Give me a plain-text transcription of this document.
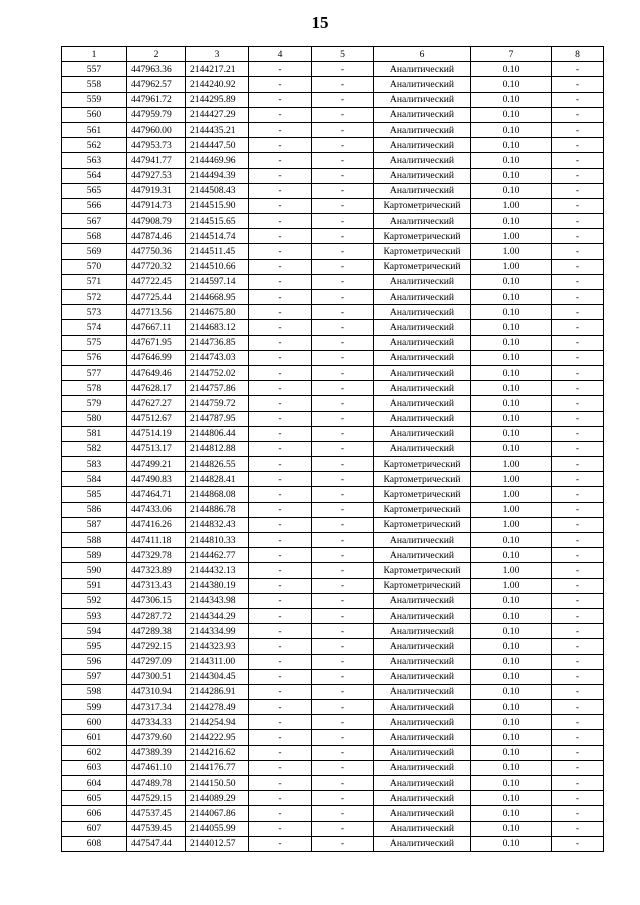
15
1	2	3	4	5	6	7	8
557	447963.36	2144217.21	-	-	Аналитический	0.10	-
558	447962.57	2144240.92	-	-	Аналитический	0.10	-
559	447961.72	2144295.89	-	-	Аналитический	0.10	-
560	447959.79	2144427.29	-	-	Аналитический	0.10	-
561	447960.00	2144435.21	-	-	Аналитический	0.10	-
562	447953.73	2144447.50	-	-	Аналитический	0.10	-
563	447941.77	2144469.96	-	-	Аналитический	0.10	-
564	447927.53	2144494.39	-	-	Аналитический	0.10	-
565	447919.31	2144508.43	-	-	Аналитический	0.10	-
566	447914.73	2144515.90	-	-	Картометрический	1.00	-
567	447908.79	2144515.65	-	-	Аналитический	0.10	-
568	447874.46	2144514.74	-	-	Картометрический	1.00	-
569	447750.36	2144511.45	-	-	Картометрический	1.00	-
570	447720.32	2144510.66	-	-	Картометрический	1.00	-
571	447722.45	2144597.14	-	-	Аналитический	0.10	-
572	447725.44	2144668.95	-	-	Аналитический	0.10	-
573	447713.56	2144675.80	-	-	Аналитический	0.10	-
574	447667.11	2144683.12	-	-	Аналитический	0.10	-
575	447671.95	2144736.85	-	-	Аналитический	0.10	-
576	447646.99	2144743.03	-	-	Аналитический	0.10	-
577	447649.46	2144752.02	-	-	Аналитический	0.10	-
578	447628.17	2144757.86	-	-	Аналитический	0.10	-
579	447627.27	2144759.72	-	-	Аналитический	0.10	-
580	447512.67	2144787.95	-	-	Аналитический	0.10	-
581	447514.19	2144806.44	-	-	Аналитический	0.10	-
582	447513.17	2144812.88	-	-	Аналитический	0.10	-
583	447499.21	2144826.55	-	-	Картометрический	1.00	-
584	447490.83	2144828.41	-	-	Картометрический	1.00	-
585	447464.71	2144868.08	-	-	Картометрический	1.00	-
586	447433.06	2144886.78	-	-	Картометрический	1.00	-
587	447416.26	2144832.43	-	-	Картометрический	1.00	-
588	447411.18	2144810.33	-	-	Аналитический	0.10	-
589	447329.78	2144462.77	-	-	Аналитический	0.10	-
590	447323.89	2144432.13	-	-	Картометрический	1.00	-
591	447313.43	2144380.19	-	-	Картометрический	1.00	-
592	447306.15	2144343.98	-	-	Аналитический	0.10	-
593	447287.72	2144344.29	-	-	Аналитический	0.10	-
594	447289.38	2144334.99	-	-	Аналитический	0.10	-
595	447292.15	2144323.93	-	-	Аналитический	0.10	-
596	447297.09	2144311.00	-	-	Аналитический	0.10	-
597	447300.51	2144304.45	-	-	Аналитический	0.10	-
598	447310.94	2144286.91	-	-	Аналитический	0.10	-
599	447317.34	2144278.49	-	-	Аналитический	0.10	-
600	447334.33	2144254.94	-	-	Аналитический	0.10	-
601	447379.60	2144222.95	-	-	Аналитический	0.10	-
602	447389.39	2144216.62	-	-	Аналитический	0.10	-
603	447461.10	2144176.77	-	-	Аналитический	0.10	-
604	447489.78	2144150.50	-	-	Аналитический	0.10	-
605	447529.15	2144089.29	-	-	Аналитический	0.10	-
606	447537.45	2144067.86	-	-	Аналитический	0.10	-
607	447539.45	2144055.99	-	-	Аналитический	0.10	-
608	447547.44	2144012.57	-	-	Аналитический	0.10	-
